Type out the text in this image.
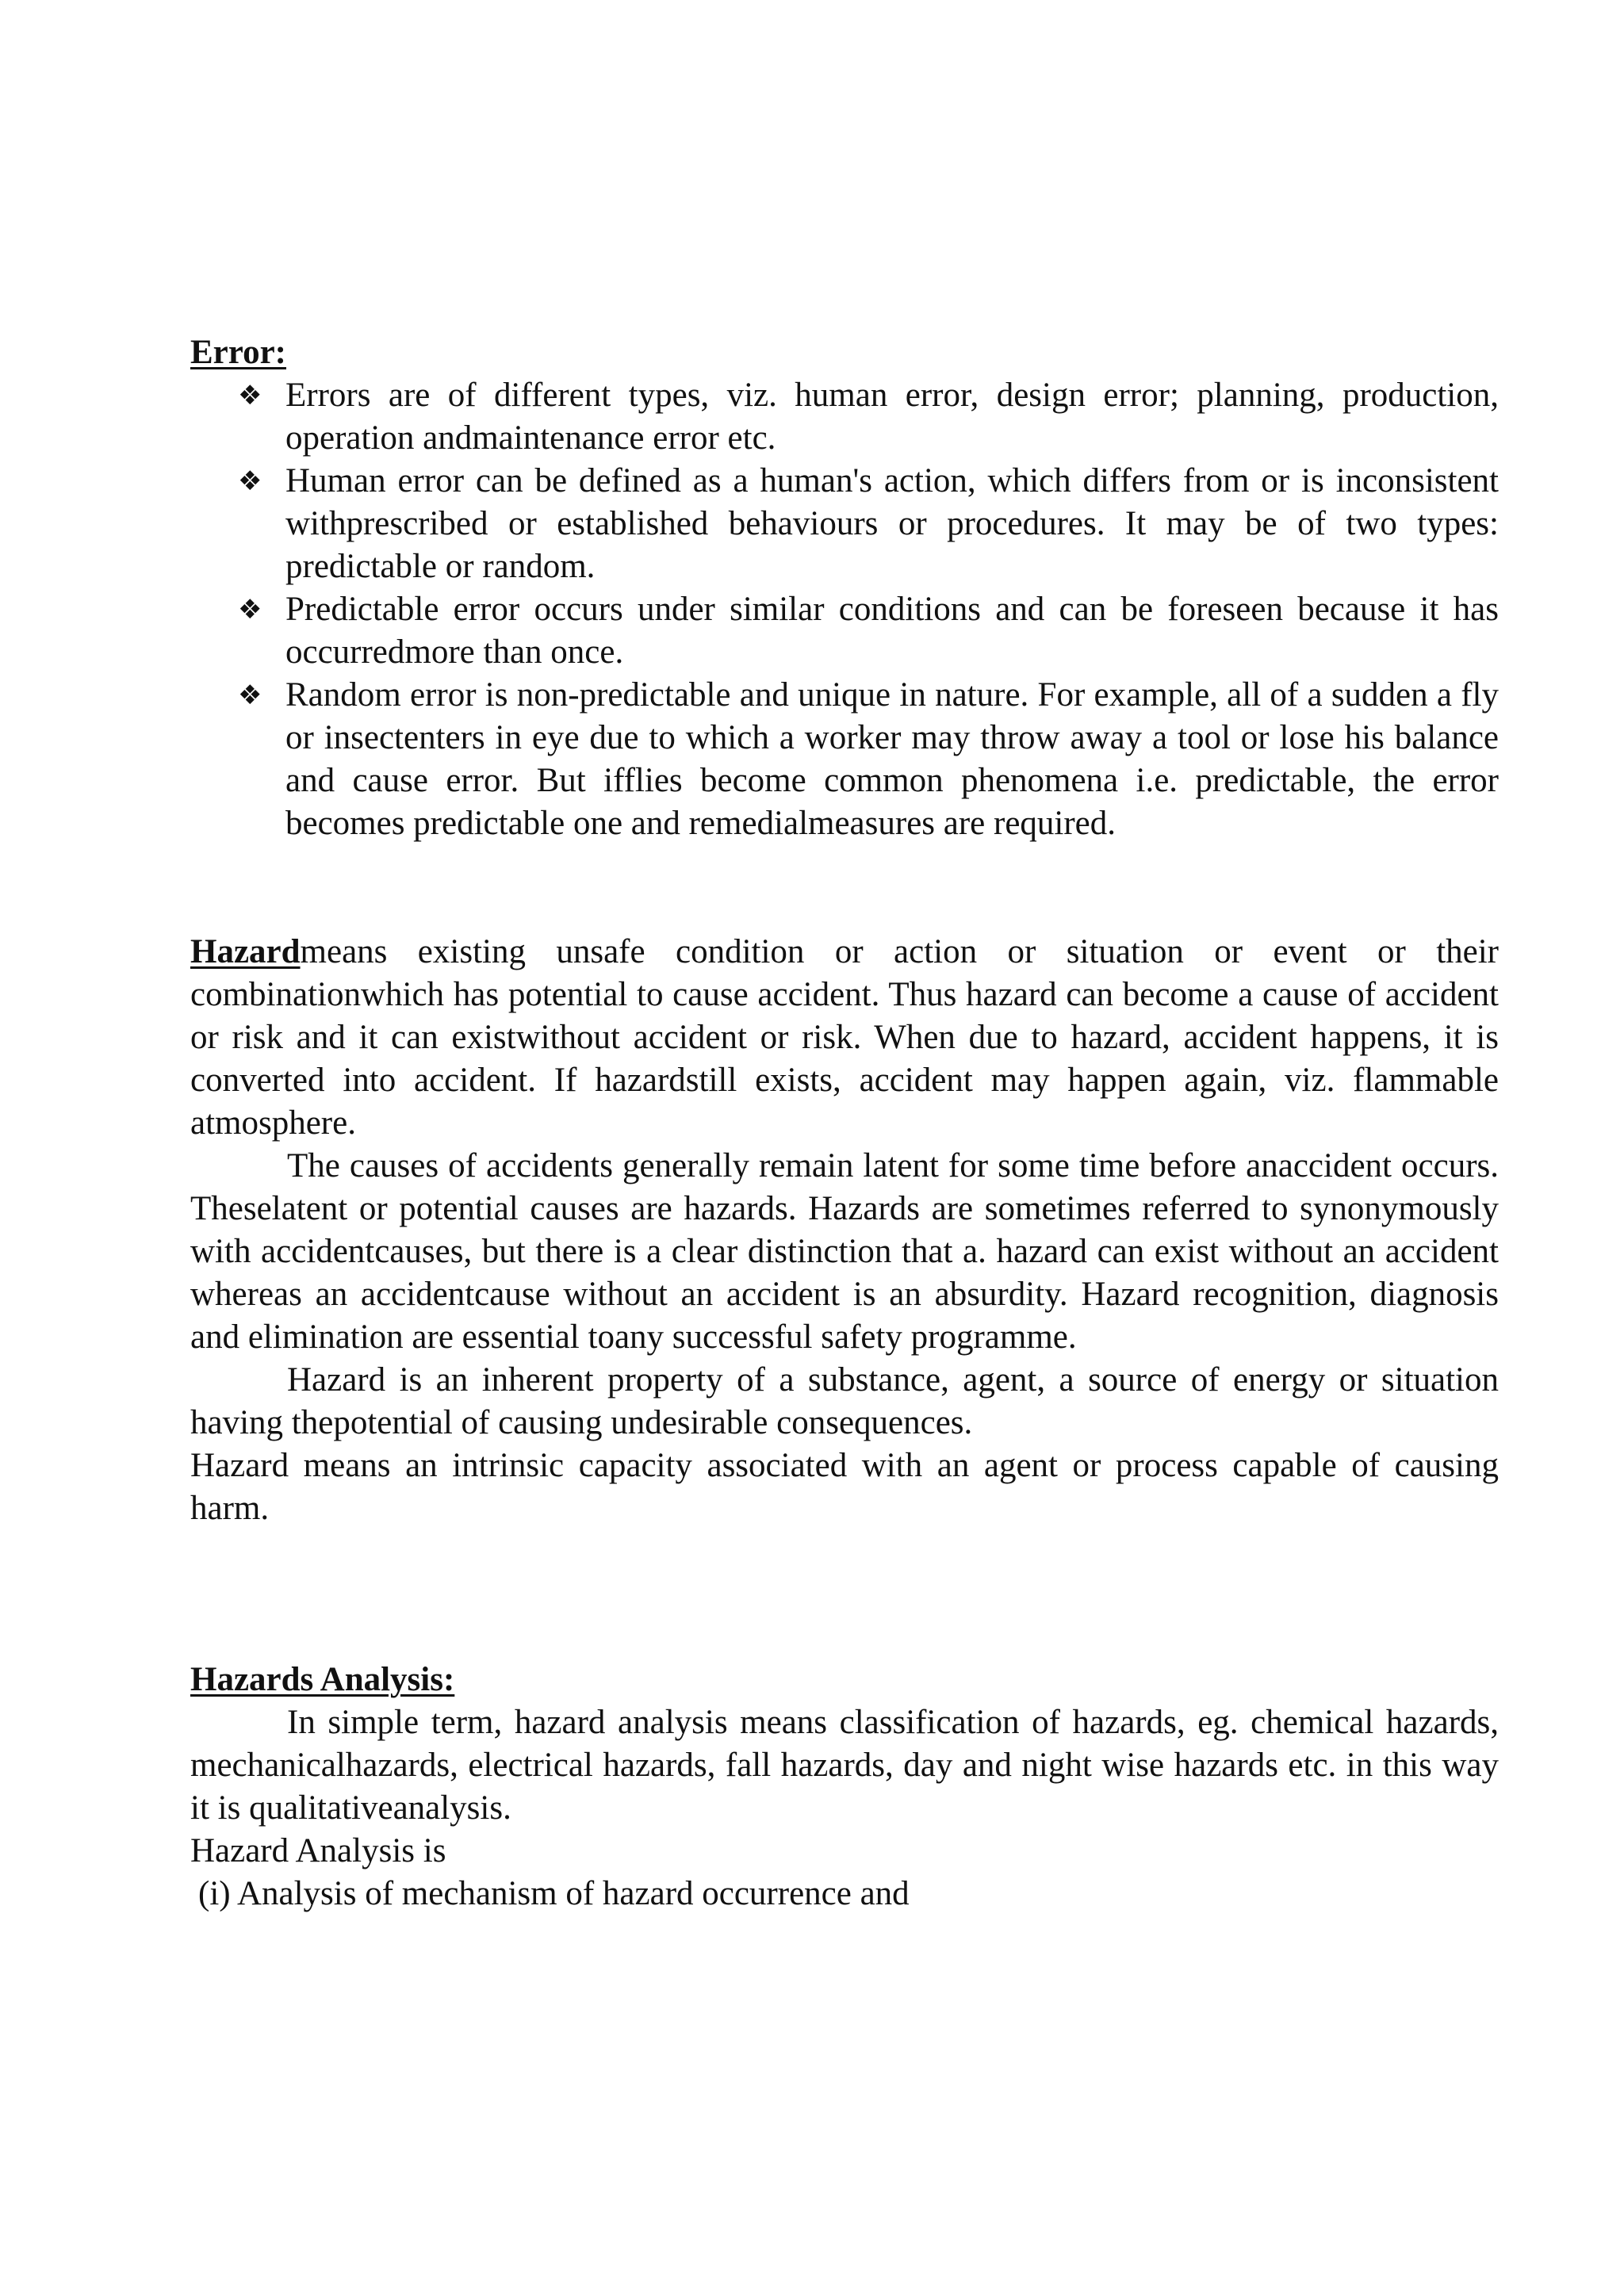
Error:

❖ Errors are of different types, viz. human error, design error; planning, production, operation andmaintenance error etc.
❖ Human error can be defined as a human's action, which differs from or is inconsistent withprescribed or established behaviours or procedures. It may be of two types: predictable or random.
❖ Predictable error occurs under similar conditions and can be foreseen because it has occurredmore than once.
❖ Random error is non-predictable and unique in nature. For example, all of a sudden a fly or insectenters in eye due to which a worker may throw away a tool or lose his balance and cause error. But ifflies become common phenomena i.e. predictable, the error becomes predictable one and remedialmeasures are required.

Hazardmeans existing unsafe condition or action or situation or event or their combinationwhich has potential to cause accident. Thus hazard can become a cause of accident or risk and it can existwithout accident or risk. When due to hazard, accident happens, it is converted into accident. If hazardstill exists, accident may happen again, viz. flammable atmosphere.

The causes of accidents generally remain latent for some time before anaccident occurs. Theselatent or potential causes are hazards. Hazards are sometimes referred to synonymously with accidentcauses, but there is a clear distinction that a. hazard can exist without an accident whereas an accidentcause without an accident is an absurdity. Hazard recognition, diagnosis and elimination are essential toany successful safety programme.

Hazard is an inherent property of a substance, agent, a source of energy or situation having thepotential of causing undesirable consequences.

Hazard means an intrinsic capacity associated with an agent or process capable of causing harm.

Hazards Analysis:

In simple term, hazard analysis means classification of hazards, eg. chemical hazards, mechanicalhazards, electrical hazards, fall hazards, day and night wise hazards etc. in this way it is qualitativeanalysis.

Hazard Analysis is

(i) Analysis of mechanism of hazard occurrence and
